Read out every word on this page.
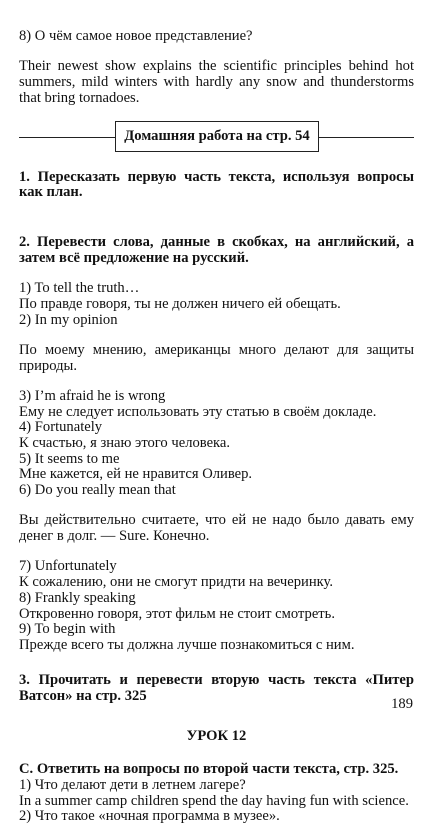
8) О чём самое новое представление?

Their newest show explains the scientific principles behind hot summers, mild winters with hardly any snow and thunderstorms that bring tornadoes.

Домашняя работа на стр. 54

1. Пересказать первую часть текста, используя вопросы как план.

2. Перевести слова, данные в скобках, на английский, а затем всё предложение на русский.

1) To tell the truth…

По правде говоря, ты не должен ничего ей обещать.

2) In my opinion

По моему мнению, американцы много делают для защиты природы.

3) I’m afraid he is wrong

Ему не следует использовать эту статью в своём докладе.

4) Fortunately

К счастью, я знаю этого человека.

5) It seems to me

Мне кажется, ей не нравится Оливер.

6) Do you really mean that

Вы действительно считаете, что ей не надо было давать ему денег в долг. — Sure. Конечно.

7) Unfortunately

К сожалению, они не смогут придти на вечеринку.

8) Frankly speaking

Откровенно говоря, этот фильм не стоит смотреть.

9) To begin with

Прежде всего ты должна лучше познакомиться с ним.

3. Прочитать и перевести вторую часть текста «Питер Ватсон» на стр. 325

УРОК 12

С. Ответить на вопросы по второй части текста, стр. 325.

1) Что делают дети в летнем лагере?

In a summer camp children spend the day having fun with science.

2) Что такое «ночная программа в музее».

189
